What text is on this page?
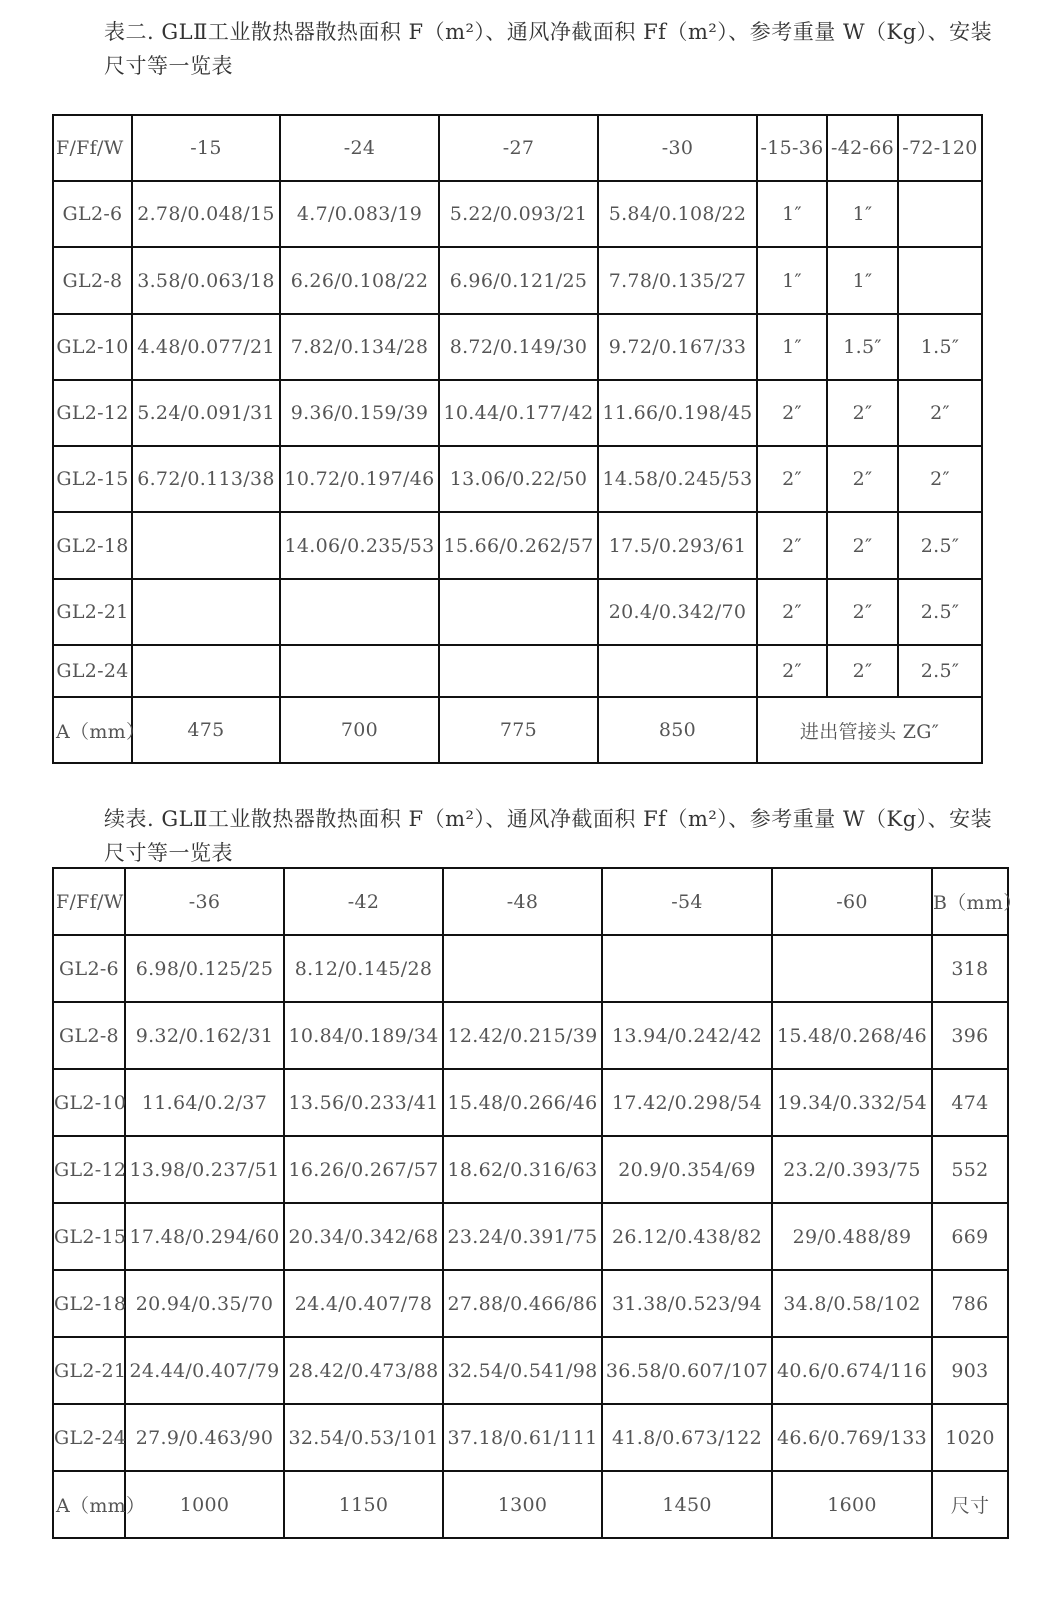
表二. GLⅡ工业散热器散热面积 F（m²）、通风净截面积 Ff（m²）、参考重量 W（Kg）、安装尺寸等一览表
F/Ff/W	-15	-24	-27	-30	-15-36	-42-66	-72-120
GL2-6	2.78/0.048/15	4.7/0.083/19	5.22/0.093/21	5.84/0.108/22	1″	1″	
GL2-8	3.58/0.063/18	6.26/0.108/22	6.96/0.121/25	7.78/0.135/27	1″	1″	
GL2-10	4.48/0.077/21	7.82/0.134/28	8.72/0.149/30	9.72/0.167/33	1″	1.5″	1.5″
GL2-12	5.24/0.091/31	9.36/0.159/39	10.44/0.177/42	11.66/0.198/45	2″	2″	2″
GL2-15	6.72/0.113/38	10.72/0.197/46	13.06/0.22/50	14.58/0.245/53	2″	2″	2″
GL2-18		14.06/0.235/53	15.66/0.262/57	17.5/0.293/61	2″	2″	2.5″
GL2-21				20.4/0.342/70	2″	2″	2.5″
GL2-24					2″	2″	2.5″
A（mm）	475	700	775	850	进出管接头 ZG″		
续表. GLⅡ工业散热器散热面积 F（m²）、通风净截面积 Ff（m²）、参考重量 W（Kg）、安装尺寸等一览表
F/Ff/W	-36	-42	-48	-54	-60	B（mm）
GL2-6	6.98/0.125/25	8.12/0.145/28				318
GL2-8	9.32/0.162/31	10.84/0.189/34	12.42/0.215/39	13.94/0.242/42	15.48/0.268/46	396
GL2-10	11.64/0.2/37	13.56/0.233/41	15.48/0.266/46	17.42/0.298/54	19.34/0.332/54	474
GL2-12	13.98/0.237/51	16.26/0.267/57	18.62/0.316/63	20.9/0.354/69	23.2/0.393/75	552
GL2-15	17.48/0.294/60	20.34/0.342/68	23.24/0.391/75	26.12/0.438/82	29/0.488/89	669
GL2-18	20.94/0.35/70	24.4/0.407/78	27.88/0.466/86	31.38/0.523/94	34.8/0.58/102	786
GL2-21	24.44/0.407/79	28.42/0.473/88	32.54/0.541/98	36.58/0.607/107	40.6/0.674/116	903
GL2-24	27.9/0.463/90	32.54/0.53/101	37.18/0.61/111	41.8/0.673/122	46.6/0.769/133	1020
A（mm）	1000	1150	1300	1450	1600	尺寸
